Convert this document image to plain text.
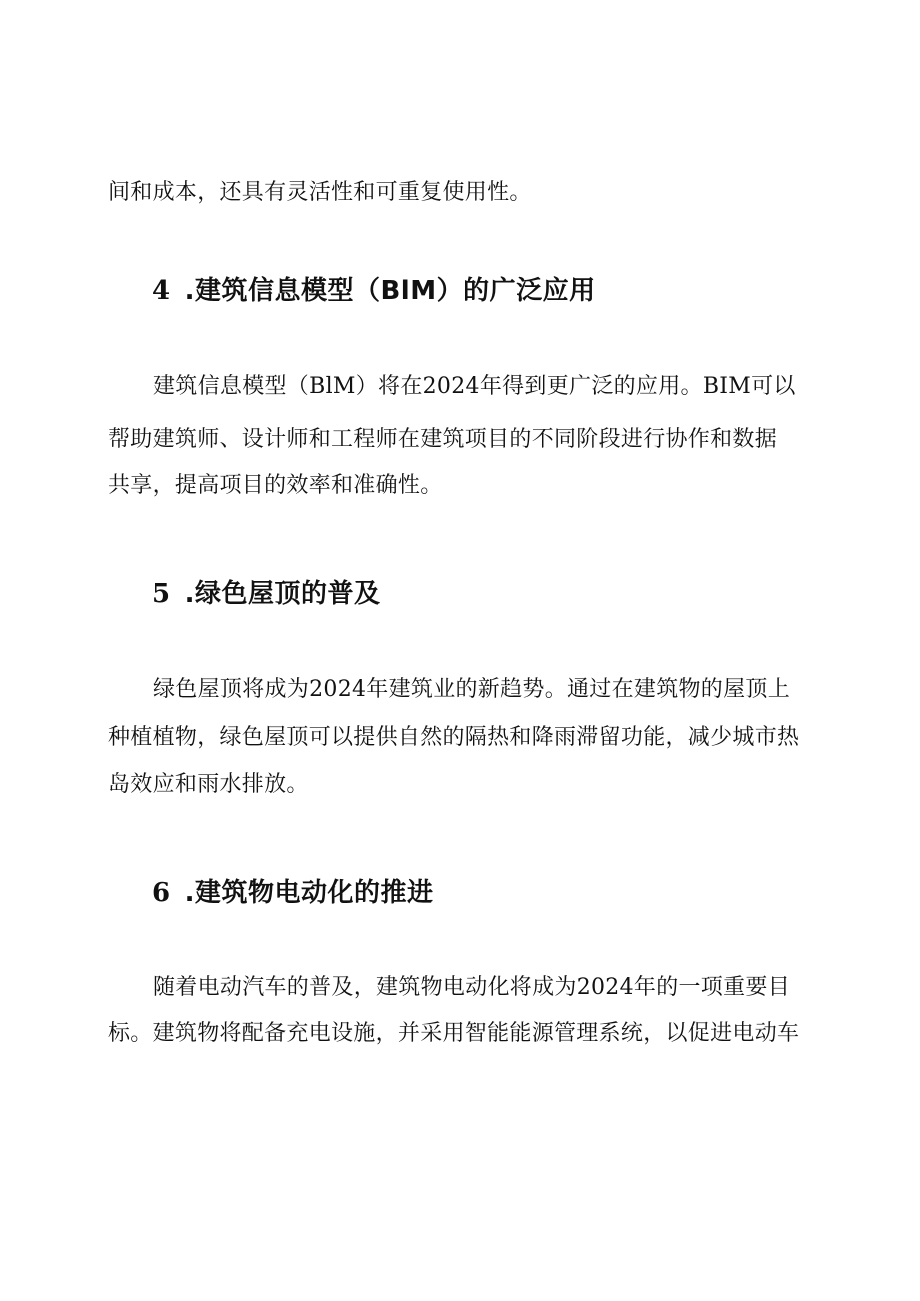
间和成本，还具有灵活性和可重复使用性。
4 .建筑信息模型（BlM）的广泛应用
建筑信息模型（BlM）将在2024年得到更广泛的应用。BIM可以
帮助建筑师、设计师和工程师在建筑项目的不同阶段进行协作和数据
共享，提高项目的效率和准确性。
5 .绿色屋顶的普及
绿色屋顶将成为2024年建筑业的新趋势。通过在建筑物的屋顶上
种植植物，绿色屋顶可以提供自然的隔热和降雨滞留功能，减少城市热
岛效应和雨水排放。
6 .建筑物电动化的推进
随着电动汽车的普及，建筑物电动化将成为2024年的一项重要目
标。建筑物将配备充电设施，并采用智能能源管理系统，以促进电动车
